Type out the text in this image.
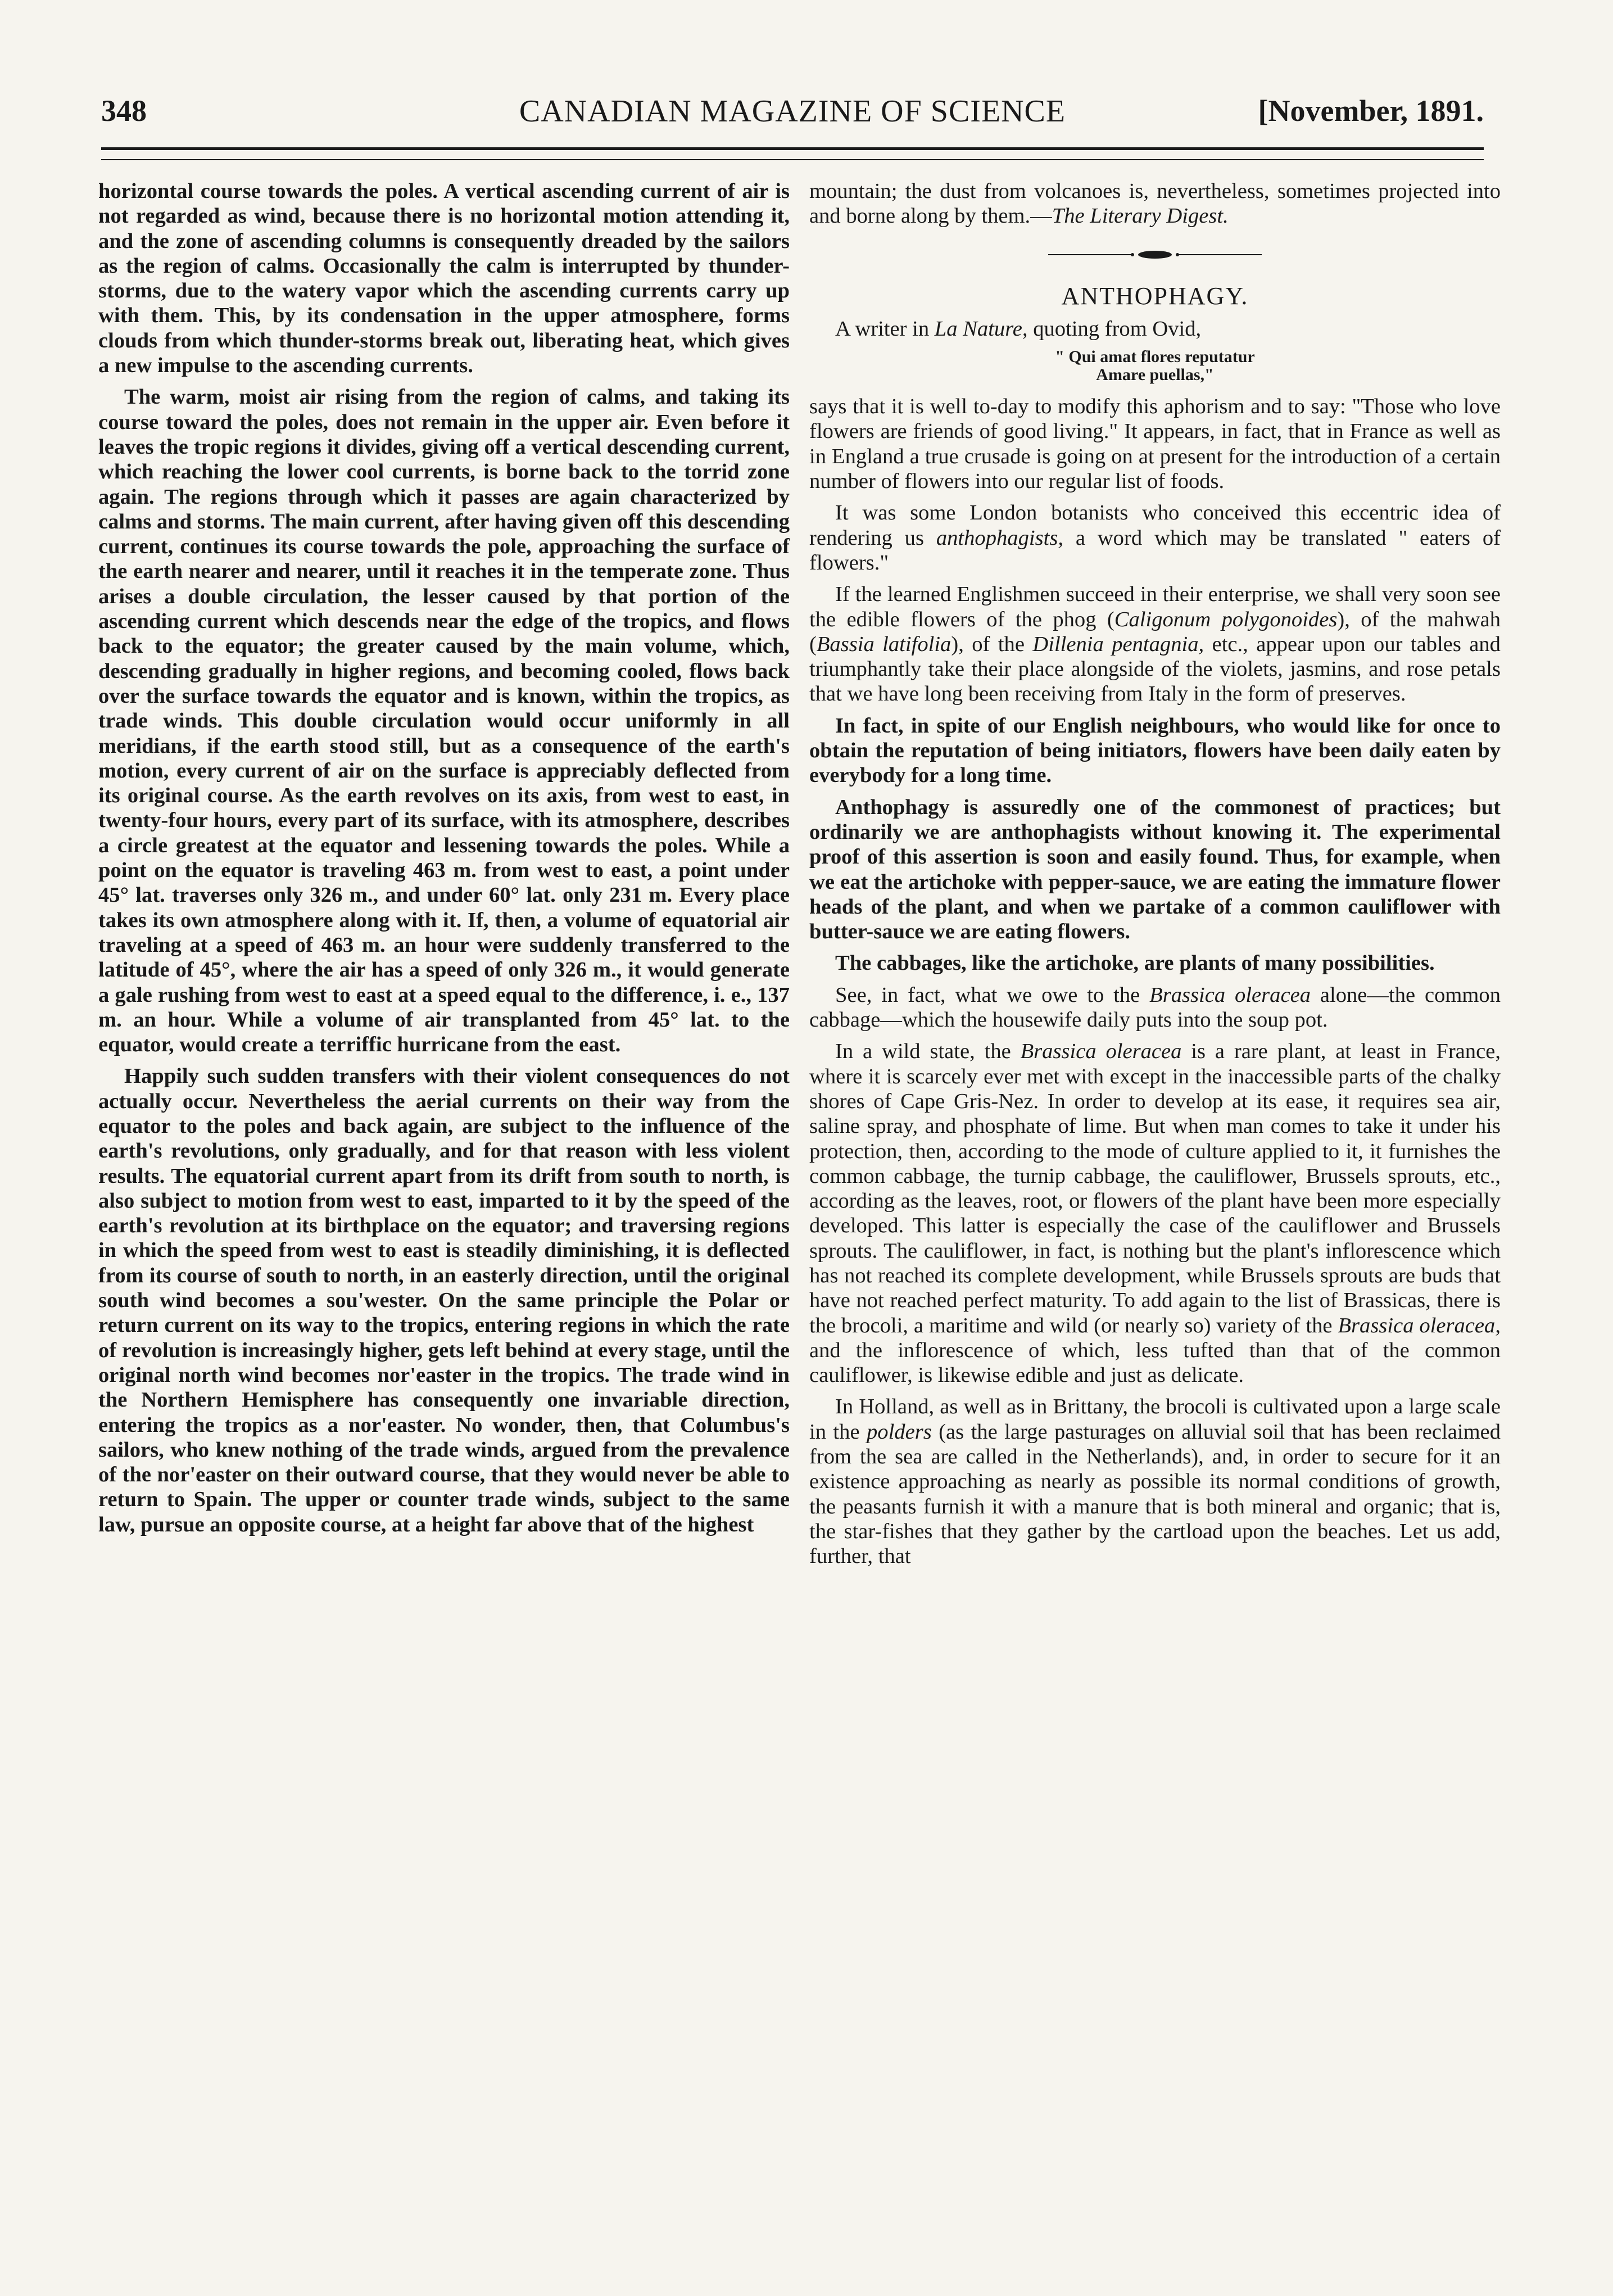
348	CANADIAN MAGAZINE OF SCIENCE	[November, 1891.

horizontal course towards the poles. A vertical ascending current of air is not regarded as wind, because there is no horizontal motion attending it, and the zone of ascending columns is consequently dreaded by the sailors as the region of calms. Occasionally the calm is interrupted by thunder-storms, due to the watery vapor which the ascending currents carry up with them. This, by its condensation in the upper atmosphere, forms clouds from which thunder-storms break out, liberating heat, which gives a new impulse to the ascending currents.

The warm, moist air rising from the region of calms, and taking its course toward the poles, does not remain in the upper air. Even before it leaves the tropic regions it divides, giving off a vertical descending current, which reaching the lower cool currents, is borne back to the torrid zone again. The regions through which it passes are again characterized by calms and storms. The main current, after having given off this descending current, continues its course towards the pole, approaching the surface of the earth nearer and nearer, until it reaches it in the temperate zone. Thus arises a double circulation, the lesser caused by that portion of the ascending current which descends near the edge of the tropics, and flows back to the equator; the greater caused by the main volume, which, descending gradually in higher regions, and becoming cooled, flows back over the surface towards the equator and is known, within the tropics, as trade winds. This double circulation would occur uniformly in all meridians, if the earth stood still, but as a consequence of the earth's motion, every current of air on the surface is appreciably deflected from its original course. As the earth revolves on its axis, from west to east, in twenty-four hours, every part of its surface, with its atmosphere, describes a circle greatest at the equator and lessening towards the poles. While a point on the equator is traveling 463 m. from west to east, a point under 45° lat. traverses only 326 m., and under 60° lat. only 231 m. Every place takes its own atmosphere along with it. If, then, a volume of equatorial air traveling at a speed of 463 m. an hour were suddenly transferred to the latitude of 45°, where the air has a speed of only 326 m., it would generate a gale rushing from west to east at a speed equal to the difference, i. e., 137 m. an hour. While a volume of air transplanted from 45° lat. to the equator, would create a terriffic hurricane from the east.

Happily such sudden transfers with their violent consequences do not actually occur. Nevertheless the aerial currents on their way from the equator to the poles and back again, are subject to the influence of the earth's revolutions, only gradually, and for that reason with less violent results. The equatorial current apart from its drift from south to north, is also subject to motion from west to east, imparted to it by the speed of the earth's revolution at its birthplace on the equator; and traversing regions in which the speed from west to east is steadily diminishing, it is deflected from its course of south to north, in an easterly direction, until the original south wind becomes a sou'wester. On the same principle the Polar or return current on its way to the tropics, entering regions in which the rate of revolution is increasingly higher, gets left behind at every stage, until the original north wind becomes nor'easter in the tropics. The trade wind in the Northern Hemisphere has consequently one invariable direction, entering the tropics as a nor'easter. No wonder, then, that Columbus's sailors, who knew nothing of the trade winds, argued from the prevalence of the nor'easter on their outward course, that they would never be able to return to Spain. The upper or counter trade winds, subject to the same law, pursue an opposite course, at a height far above that of the highest

mountain; the dust from volcanoes is, nevertheless, sometimes projected into and borne along by them.—The Literary Digest.

ANTHOPHAGY.

A writer in La Nature, quoting from Ovid,

" Qui amat flores reputatur
Amare puellas,"

says that it is well to-day to modify this aphorism and to say: "Those who love flowers are friends of good living." It appears, in fact, that in France as well as in England a true crusade is going on at present for the introduction of a certain number of flowers into our regular list of foods.

It was some London botanists who conceived this eccentric idea of rendering us anthophagists, a word which may be translated " eaters of flowers."

If the learned Englishmen succeed in their enterprise, we shall very soon see the edible flowers of the phog (Caligonum polygonoides), of the mahwah (Bassia latifolia), of the Dillenia pentagnia, etc., appear upon our tables and triumphantly take their place alongside of the violets, jasmins, and rose petals that we have long been receiving from Italy in the form of preserves.

In fact, in spite of our English neighbours, who would like for once to obtain the reputation of being initiators, flowers have been daily eaten by everybody for a long time.

Anthophagy is assuredly one of the commonest of practices; but ordinarily we are anthophagists without knowing it. The experimental proof of this assertion is soon and easily found. Thus, for example, when we eat the artichoke with pepper-sauce, we are eating the immature flower heads of the plant, and when we partake of a common cauliflower with butter-sauce we are eating flowers.

The cabbages, like the artichoke, are plants of many possibilities.

See, in fact, what we owe to the Brassica oleracea alone—the common cabbage—which the housewife daily puts into the soup pot.

In a wild state, the Brassica oleracea is a rare plant, at least in France, where it is scarcely ever met with except in the inaccessible parts of the chalky shores of Cape Gris-Nez. In order to develop at its ease, it requires sea air, saline spray, and phosphate of lime. But when man comes to take it under his protection, then, according to the mode of culture applied to it, it furnishes the common cabbage, the turnip cabbage, the cauliflower, Brussels sprouts, etc., according as the leaves, root, or flowers of the plant have been more especially developed. This latter is especially the case of the cauliflower and Brussels sprouts. The cauliflower, in fact, is nothing but the plant's inflorescence which has not reached its complete development, while Brussels sprouts are buds that have not reached perfect maturity. To add again to the list of Brassicas, there is the brocoli, a maritime and wild (or nearly so) variety of the Brassica oleracea, and the inflorescence of which, less tufted than that of the common cauliflower, is likewise edible and just as delicate.

In Holland, as well as in Brittany, the brocoli is cultivated upon a large scale in the polders (as the large pasturages on alluvial soil that has been reclaimed from the sea are called in the Netherlands), and, in order to secure for it an existence approaching as nearly as possible its normal conditions of growth, the peasants furnish it with a manure that is both mineral and organic; that is, the star-fishes that they gather by the cartload upon the beaches. Let us add, further, that
